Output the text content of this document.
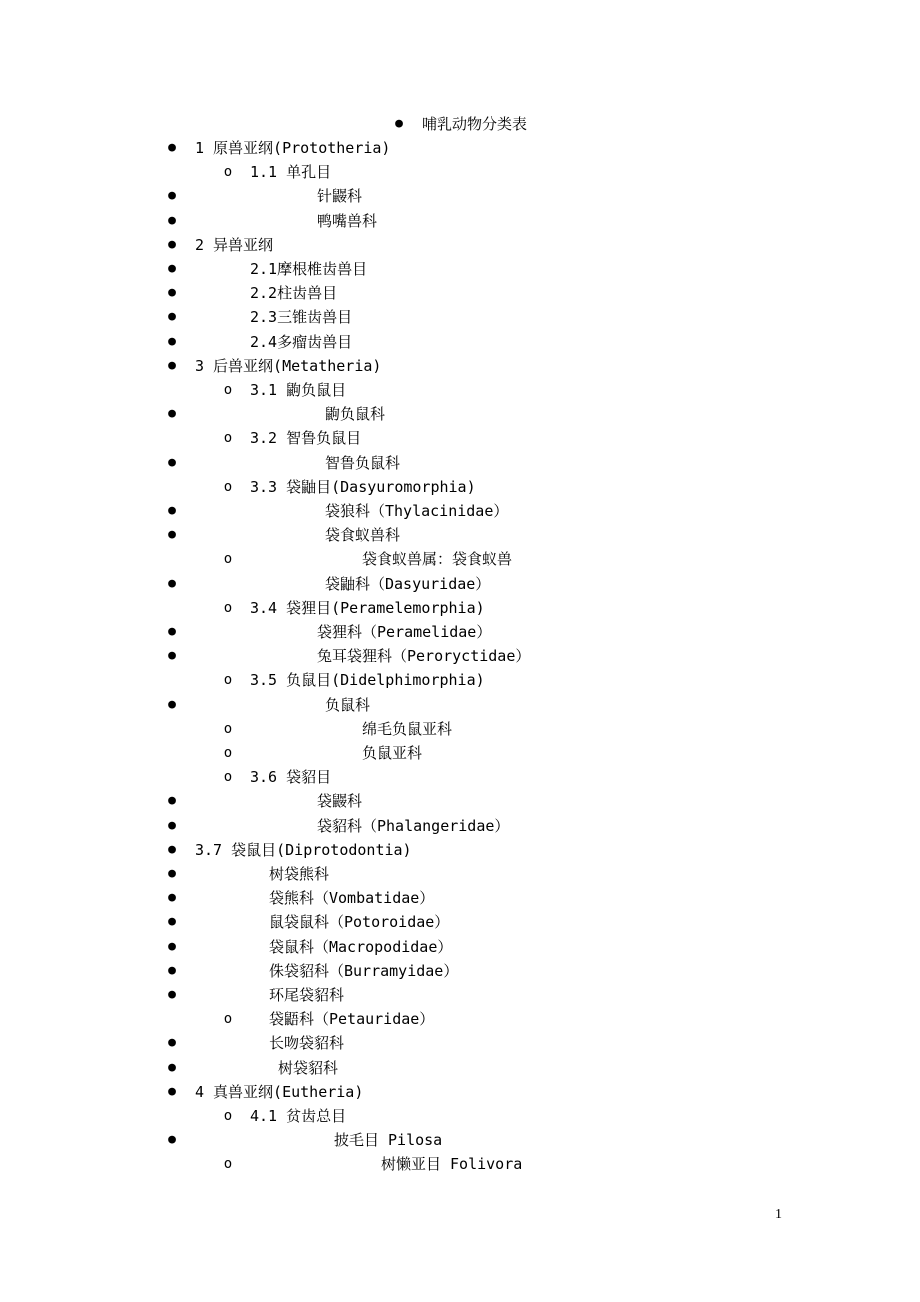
● 哺乳动物分类表
● 1 原兽亚纲(Prototheria)
o 1.1 单孔目
●	针鼹科
●	鸭嘴兽科
● 2 异兽亚纲
●	2.1摩根椎齿兽目
●	2.2柱齿兽目
●	2.3三锥齿兽目
●	2.4多瘤齿兽目
● 3 后兽亚纲(Metatheria)
o 3.1 鼩负鼠目
●	鼩负鼠科
o 3.2 智鲁负鼠目
●	智鲁负鼠科
o 3.3 袋鼬目(Dasyuromorphia)
●	袋狼科（Thylacinidae）
●	袋食蚁兽科
o	袋食蚁兽属：袋食蚁兽
●	袋鼬科（Dasyuridae）
o 3.4 袋狸目(Peramelemorphia)
●	袋狸科（Peramelidae）
●	兔耳袋狸科（Peroryctidae）
o 3.5 负鼠目(Didelphimorphia)
●	负鼠科
o	绵毛负鼠亚科
o	负鼠亚科
o 3.6 袋貂目
●	袋鼹科
●	袋貂科（Phalangeridae）
● 3.7 袋鼠目(Diprotodontia)
●	树袋熊科
●	袋熊科（Vombatidae）
●	鼠袋鼠科（Potoroidae）
●	袋鼠科（Macropodidae）
●	侏袋貂科（Burramyidae）
●	环尾袋貂科
o 袋鼯科（Petauridae）
●	长吻袋貂科
●	树袋貂科
● 4 真兽亚纲(Eutheria)
o 4.1 贫齿总目
●	披毛目 Pilosa
o	树懒亚目 Folivora
1
